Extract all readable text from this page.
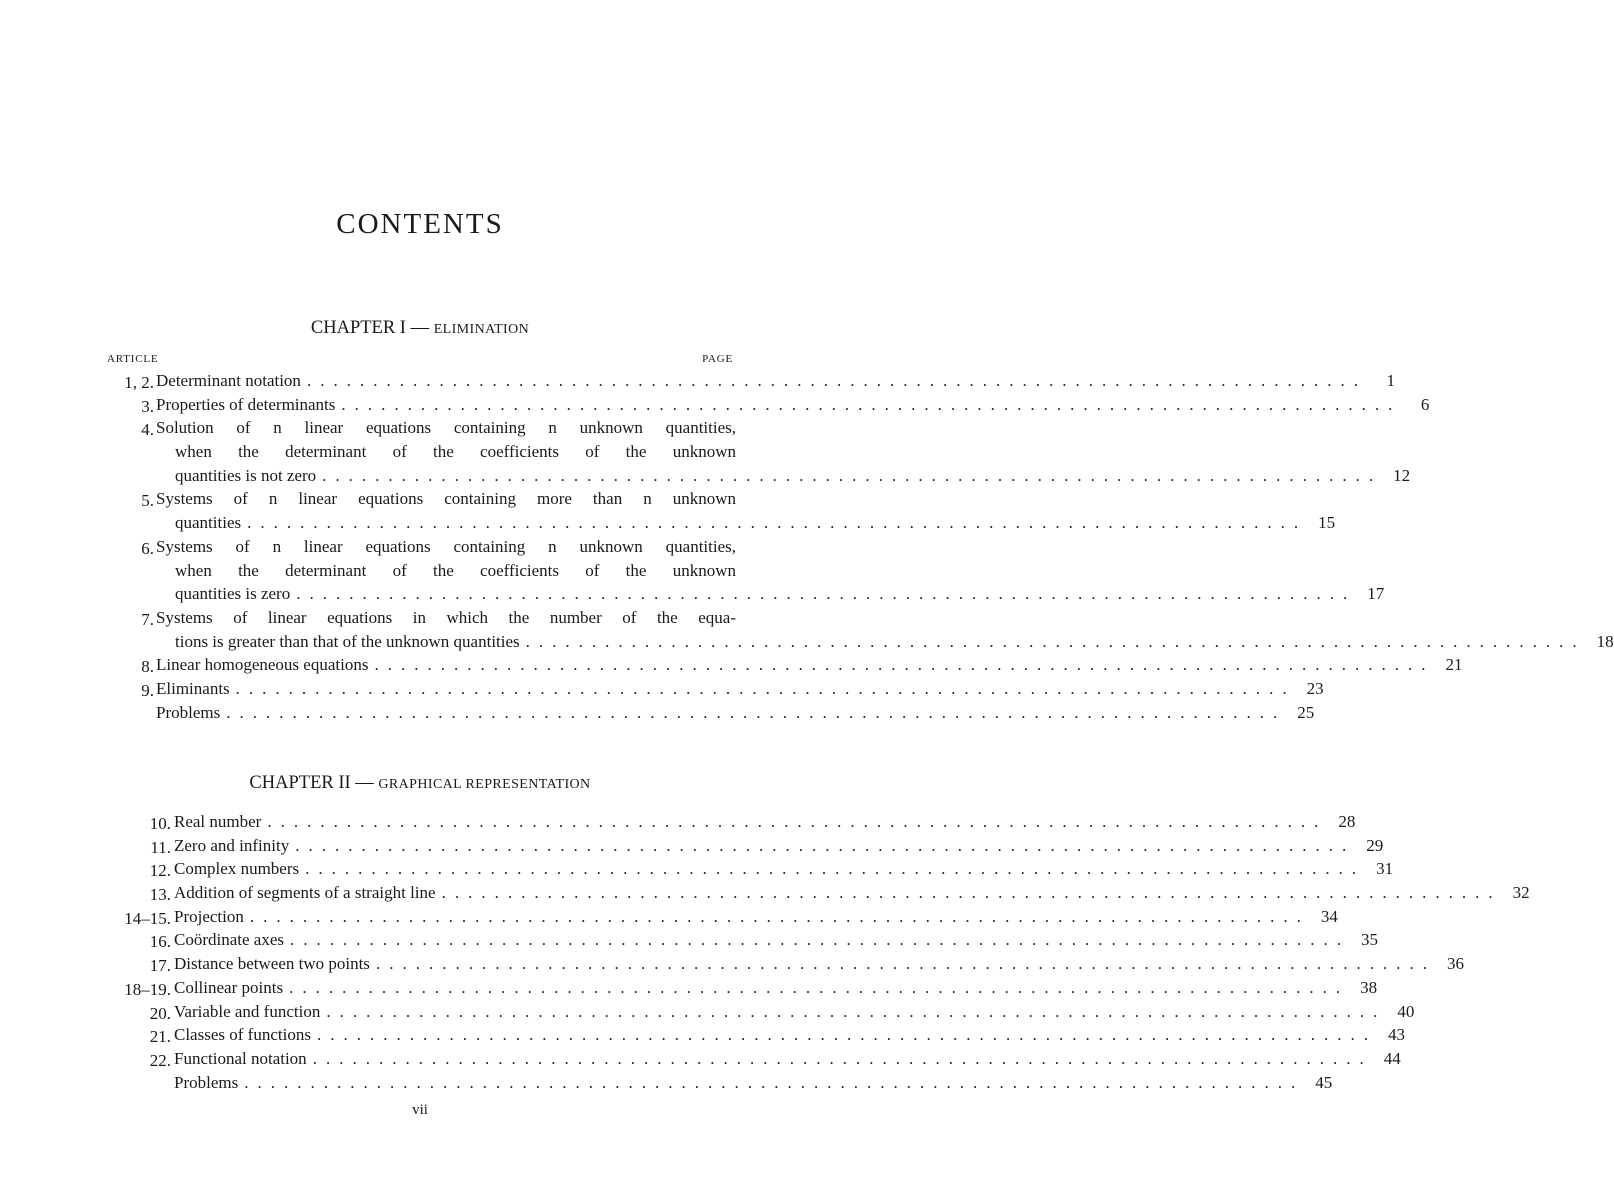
CONTENTS
CHAPTER I — ELIMINATION
ARTICLE	PAGE
1, 2. Determinant notation ................................................................................	1
3. Properties of determinants ................................................................................	6
4. Solution of n linear equations containing n unknown quantities,
when the determinant of the coefficients of the unknown
quantities is not zero ................................................................................ 12
5. Systems of n linear equations containing more than n unknown
quantities ................................................................................ 15
6. Systems of n linear equations containing n unknown quantities,
when the determinant of the coefficients of the unknown
quantities is zero ................................................................................ 17
7. Systems of linear equations in which the number of the equa-
tions is greater than that of the unknown quantities ................................................................................ 18
8. Linear homogeneous equations ................................................................................ 21
9. Eliminants ................................................................................ 23
Problems ................................................................................ 25
CHAPTER II — GRAPHICAL REPRESENTATION
10. Real number ................................................................................ 28
11. Zero and infinity ................................................................................ 29
12. Complex numbers ................................................................................ 31
13. Addition of segments of a straight line ................................................................................ 32
14–15. Projection ................................................................................ 34
16. Coördinate axes ................................................................................ 35
17. Distance between two points ................................................................................ 36
18–19. Collinear points ................................................................................ 38
20. Variable and function ................................................................................ 40
21. Classes of functions ................................................................................ 43
22. Functional notation ................................................................................ 44
Problems ................................................................................ 45
vii
